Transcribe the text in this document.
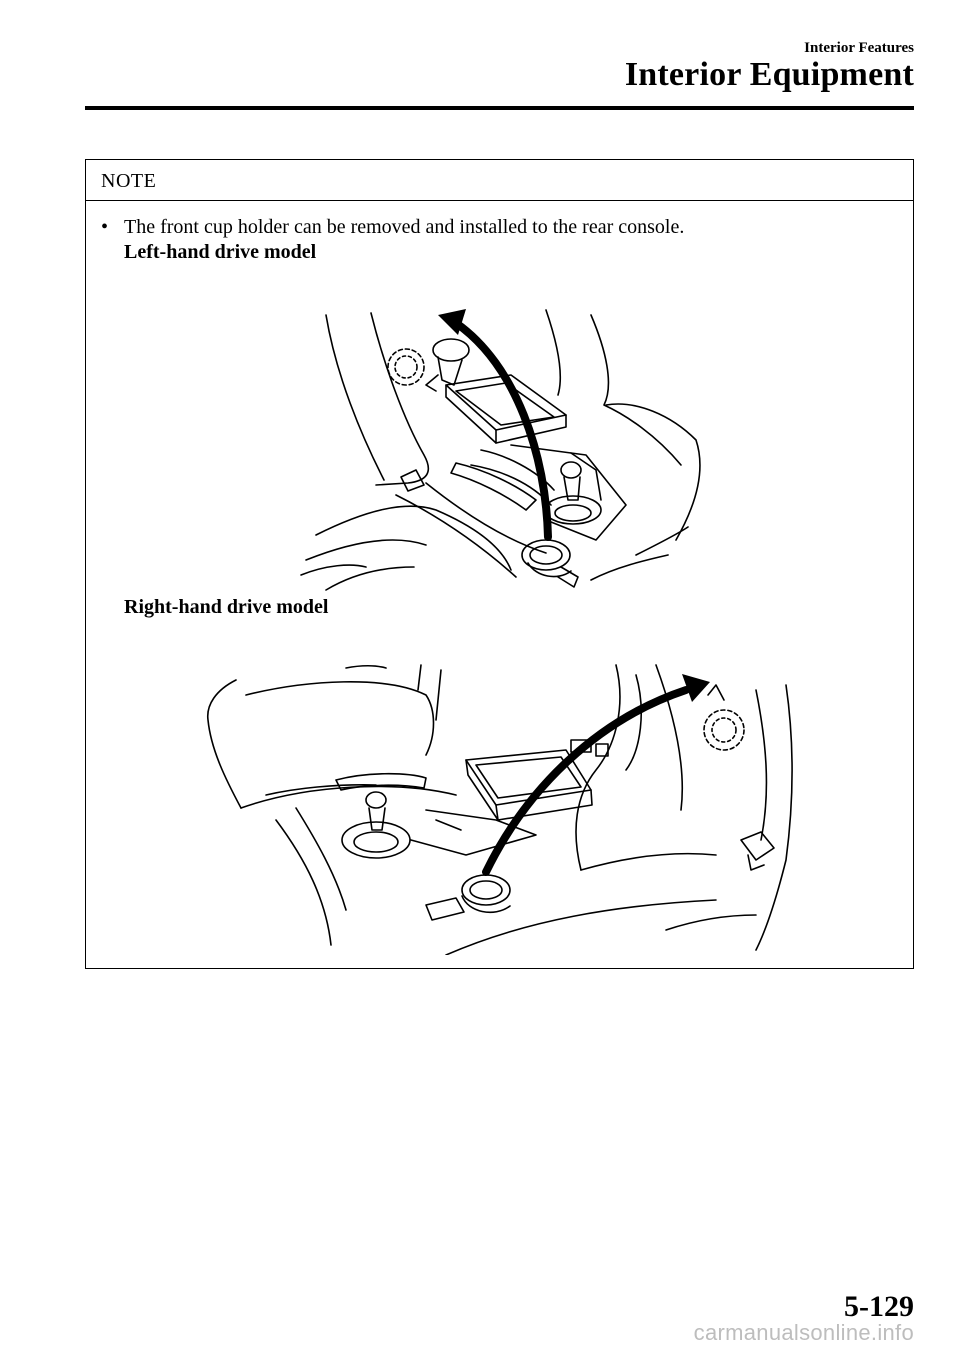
Interior Features
Interior Equipment
NOTE
• The front cup holder can be removed and installed to the rear console.
Left-hand drive model
Right-hand drive model
5-129
carmanualsonline.info
